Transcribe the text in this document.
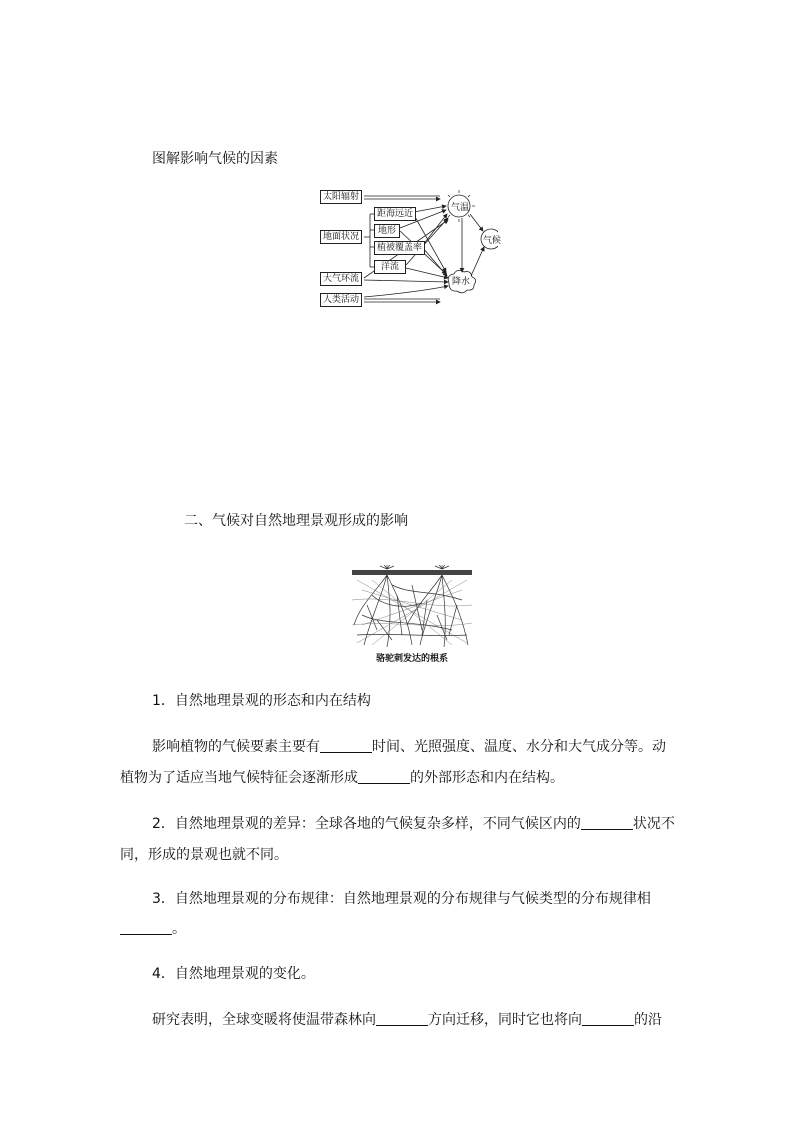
图解影响气候的因素
太阳辐射
地面状况
大气环流
人类活动
距海远近
地形
植被覆盖率
洋流
气温
降水
气候
二、气候对自然地理景观形成的影响
骆驼刺发达的根系
1．自然地理景观的形态和内在结构
影响植物的气候要素主要有	时间、光照强度、温度、水分和大气成分等。动
植物为了适应当地气候特征会逐渐形成	的外部形态和内在结构。
2．自然地理景观的差异：全球各地的气候复杂多样，不同气候区内的	状况不
同，形成的景观也就不同。
3．自然地理景观的分布规律：自然地理景观的分布规律与气候类型的分布规律相
。
4．自然地理景观的变化。
研究表明，全球变暖将使温带森林向	方向迁移，同时它也将向	的沿
